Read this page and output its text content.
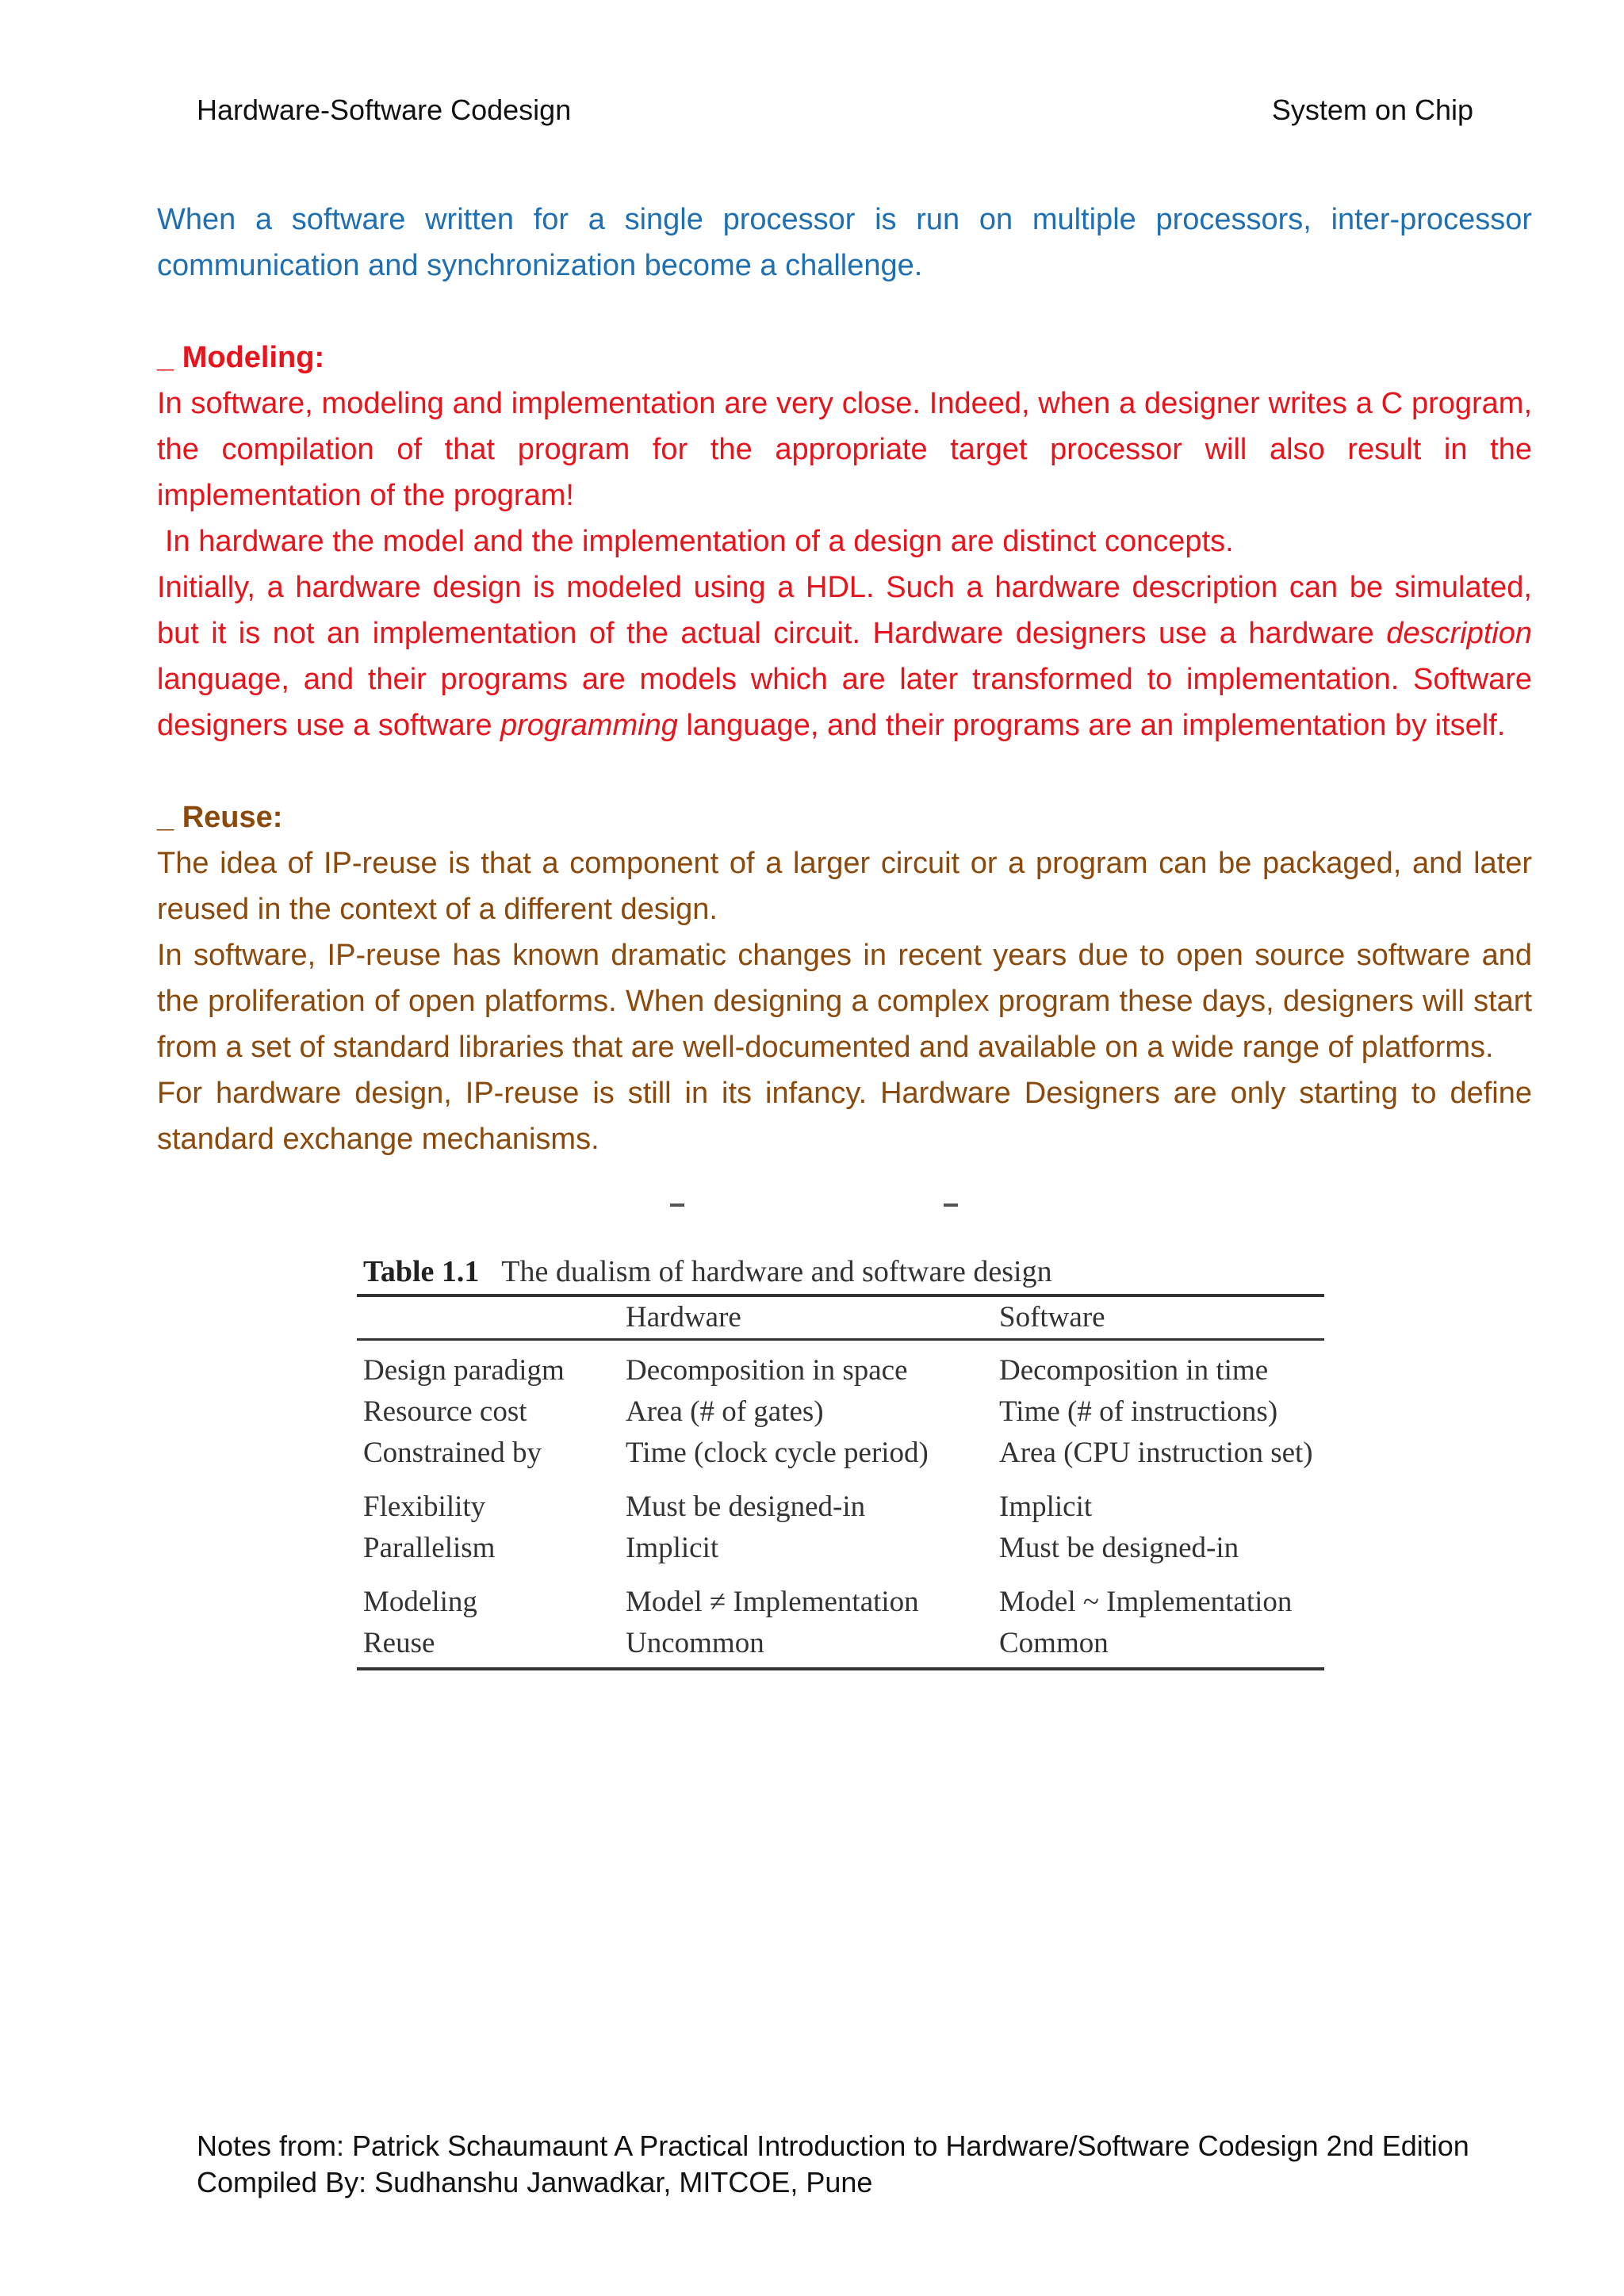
Hardware-Software Codesign	System on Chip

When a software written for a single processor is run on multiple processors, inter-processor communication and synchronization become a challenge.

_ Modeling:

In software, modeling and implementation are very close. Indeed, when a designer writes a C program, the compilation of that program for the appropriate target processor will also result in the implementation of the program!

In hardware the model and the implementation of a design are distinct concepts.

Initially, a hardware design is modeled using a HDL. Such a hardware description can be simulated, but it is not an implementation of the actual circuit. Hardware designers use a hardware description language, and their programs are models which are later transformed to implementation. Software designers use a software programming language, and their programs are an implementation by itself.

_ Reuse:

The idea of IP-reuse is that a component of a larger circuit or a program can be packaged, and later reused in the context of a different design.

In software, IP-reuse has known dramatic changes in recent years due to open source software and the proliferation of open platforms. When designing a complex program these days, designers will start from a set of standard libraries that are well-documented and available on a wide range of platforms.

For hardware design, IP-reuse is still in its infancy. Hardware Designers are only starting to define standard exchange mechanisms.

Table 1.1 The dualism of hardware and software design

	Hardware	Software
Design paradigm	Decomposition in space	Decomposition in time
Resource cost	Area (# of gates)	Time (# of instructions)
Constrained by	Time (clock cycle period)	Area (CPU instruction set)
Flexibility	Must be designed-in	Implicit
Parallelism	Implicit	Must be designed-in
Modeling	Model ≠ Implementation	Model ~ Implementation
Reuse	Uncommon	Common
Notes from: Patrick Schaumaunt A Practical Introduction to Hardware/Software Codesign 2nd Edition
Compiled By: Sudhanshu Janwadkar, MITCOE, Pune
